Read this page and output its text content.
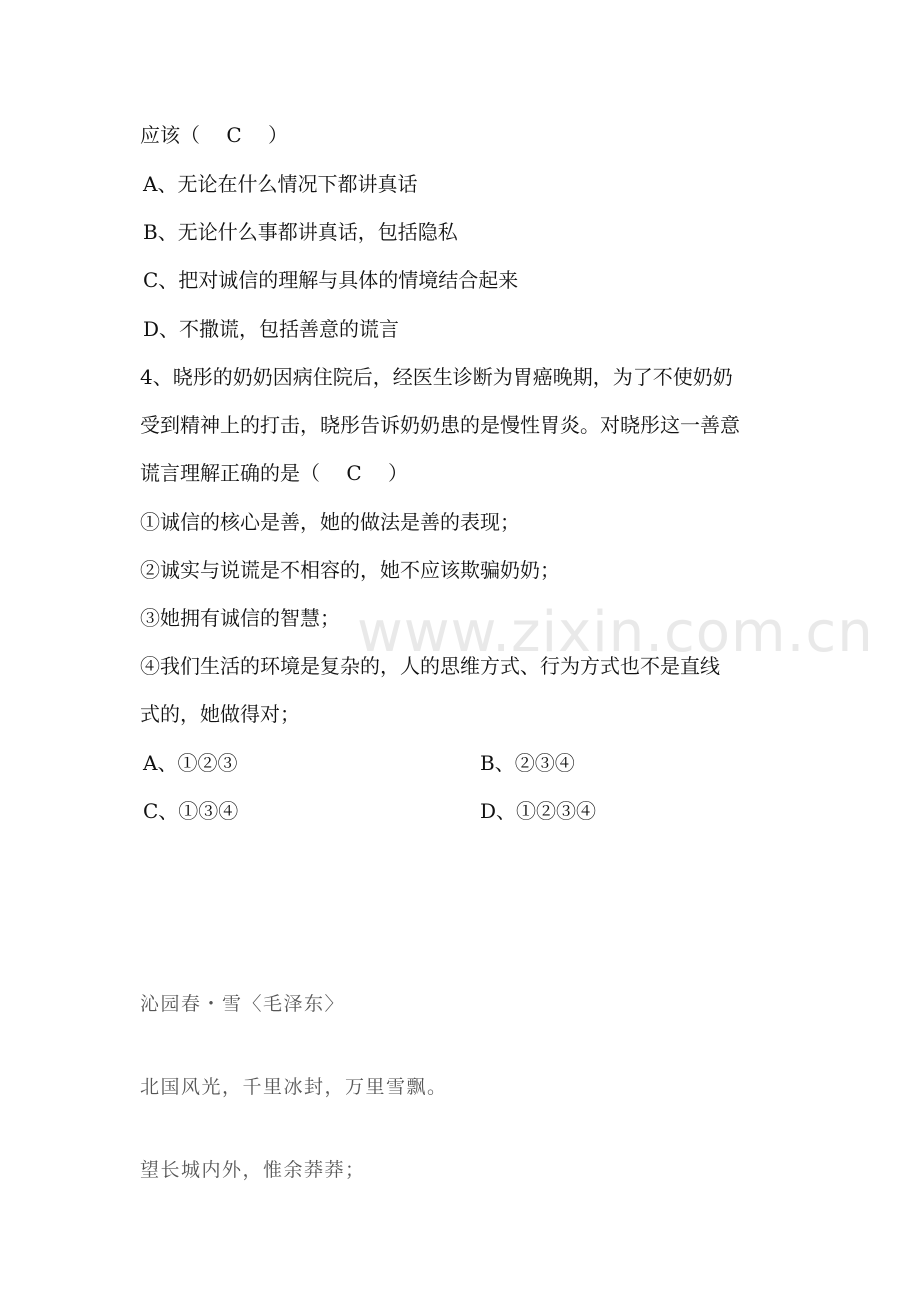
www.zixin.com.cn
应该（　 C　 ）
A、无论在什么情况下都讲真话
B、无论什么事都讲真话，包括隐私
C、把对诚信的理解与具体的情境结合起来
D、不撒谎，包括善意的谎言
4、晓彤的奶奶因病住院后，经医生诊断为胃癌晚期，为了不使奶奶
受到精神上的打击，晓彤告诉奶奶患的是慢性胃炎。对晓彤这一善意
谎言理解正确的是（　 C　 ）
①诚信的核心是善，她的做法是善的表现；
②诚实与说谎是不相容的，她不应该欺骗奶奶；
③她拥有诚信的智慧；
④我们生活的环境是复杂的，人的思维方式、行为方式也不是直线
式的，她做得对；
A、①②③	B、②③④
C、①③④	D、①②③④
沁园春・雪〈毛泽东〉
北国风光，千里冰封，万里雪飘。
望长城内外，惟余莽莽；
